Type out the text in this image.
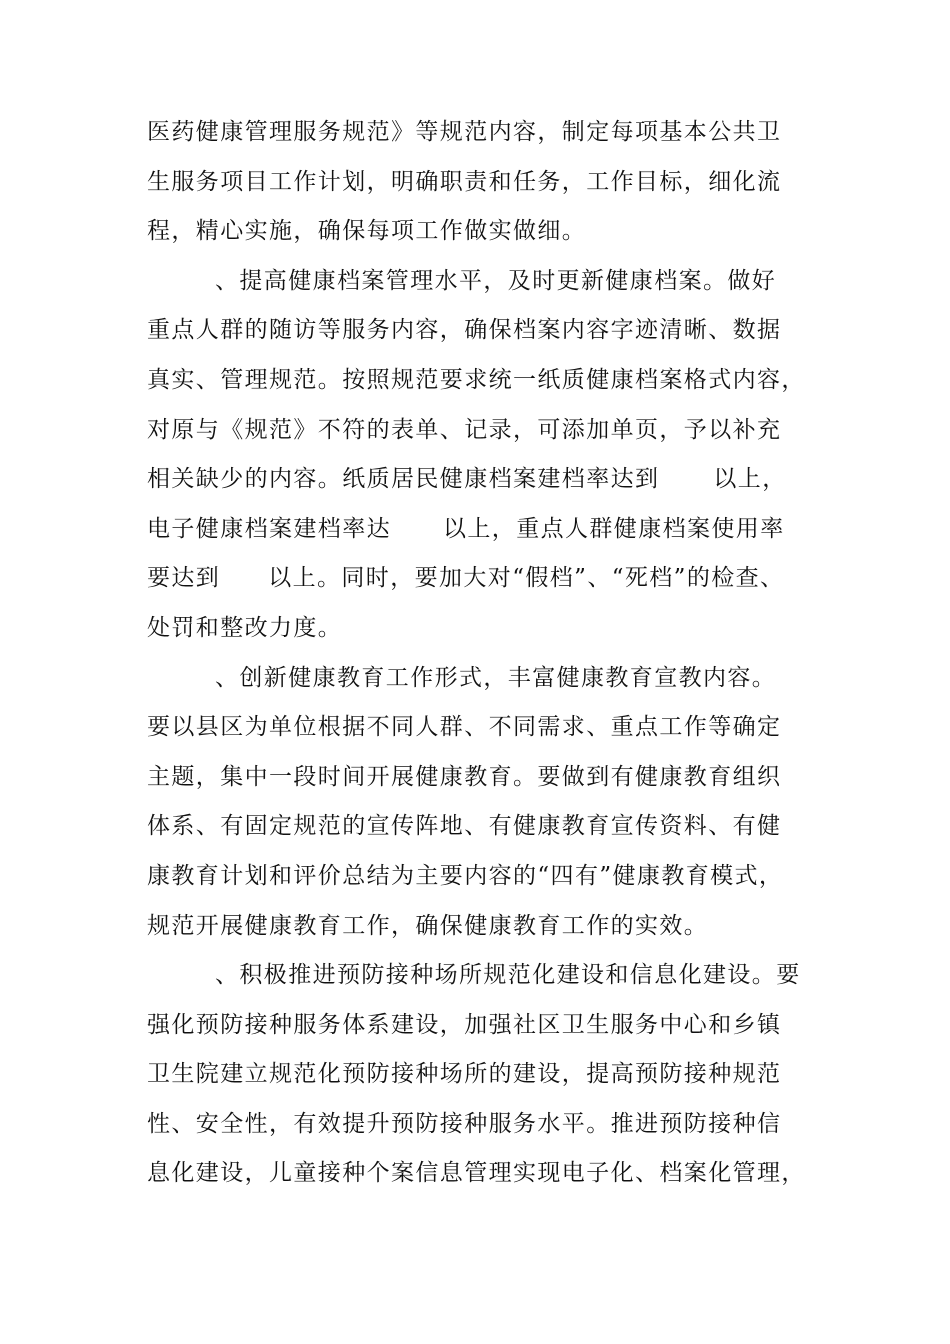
医药健康管理服务规范》等规范内容，制定每项基本公共卫
生服务项目工作计划，明确职责和任务，工作目标，细化流
程，精心实施，确保每项工作做实做细。
、提高健康档案管理水平，及时更新健康档案。做好
重点人群的随访等服务内容，确保档案内容字迹清晰、数据
真实、管理规范。按照规范要求统一纸质健康档案格式内容，
对原与《规范》不符的表单、记录，可添加单页，予以补充
相关缺少的内容。纸质居民健康档案建档率达到 以上，
电子健康档案建档率达 以上，重点人群健康档案使用率
要达到 以上。同时，要加大对“假档”、“死档”的检查、
处罚和整改力度。
、创新健康教育工作形式，丰富健康教育宣教内容。
要以县区为单位根据不同人群、不同需求、重点工作等确定
主题，集中一段时间开展健康教育。要做到有健康教育组织
体系、有固定规范的宣传阵地、有健康教育宣传资料、有健
康教育计划和评价总结为主要内容的“四有”健康教育模式，
规范开展健康教育工作，确保健康教育工作的实效。
、积极推进预防接种场所规范化建设和信息化建设。要
强化预防接种服务体系建设，加强社区卫生服务中心和乡镇
卫生院建立规范化预防接种场所的建设，提高预防接种规范
性、安全性，有效提升预防接种服务水平。推进预防接种信
息化建设，儿童接种个案信息管理实现电子化、档案化管理，
